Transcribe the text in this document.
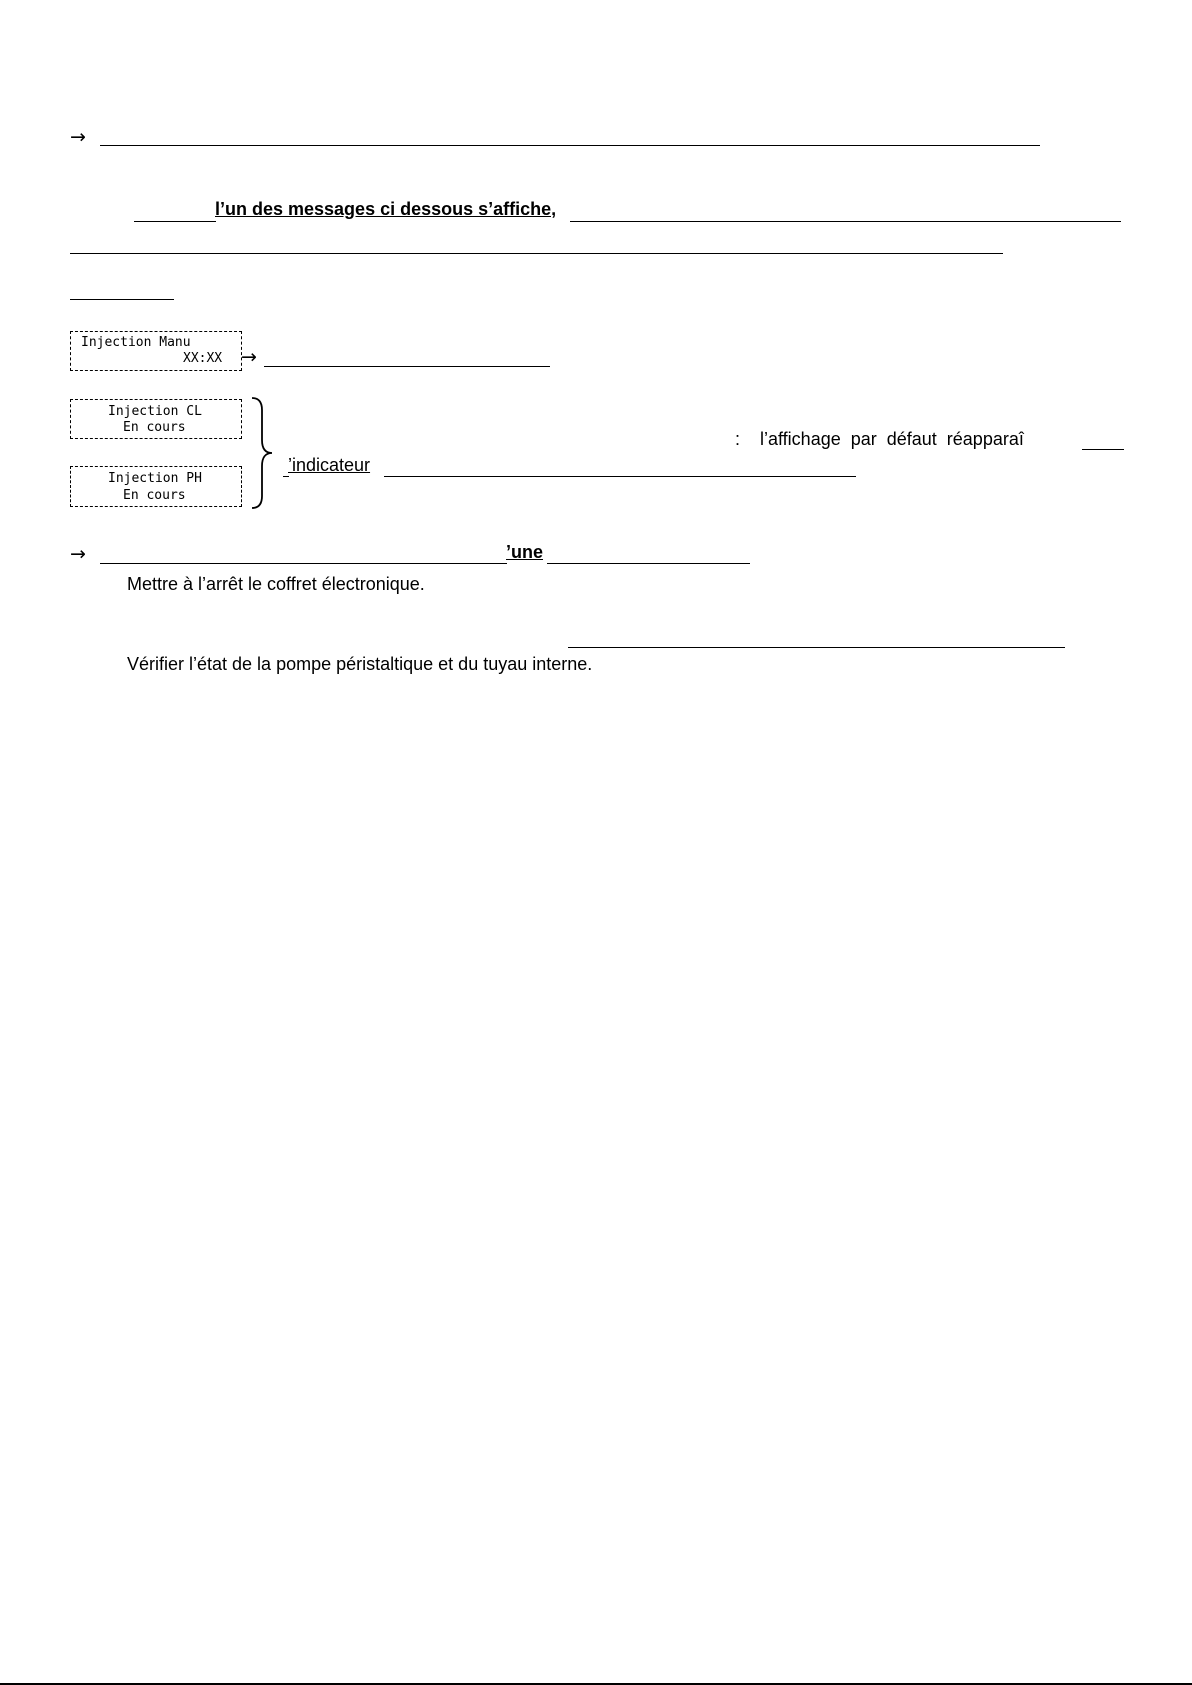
→
l’un des messages ci dessous s’affiche,
Injection Manu
XX:XX →
Injection CL
En cours
Injection PH
En cours
: l’affichage  par  défaut  réapparaî
’indicateur
→	’une
Mettre à l’arrêt le coffret électronique.
Vérifier l’état de la pompe péristaltique et du tuyau interne.
